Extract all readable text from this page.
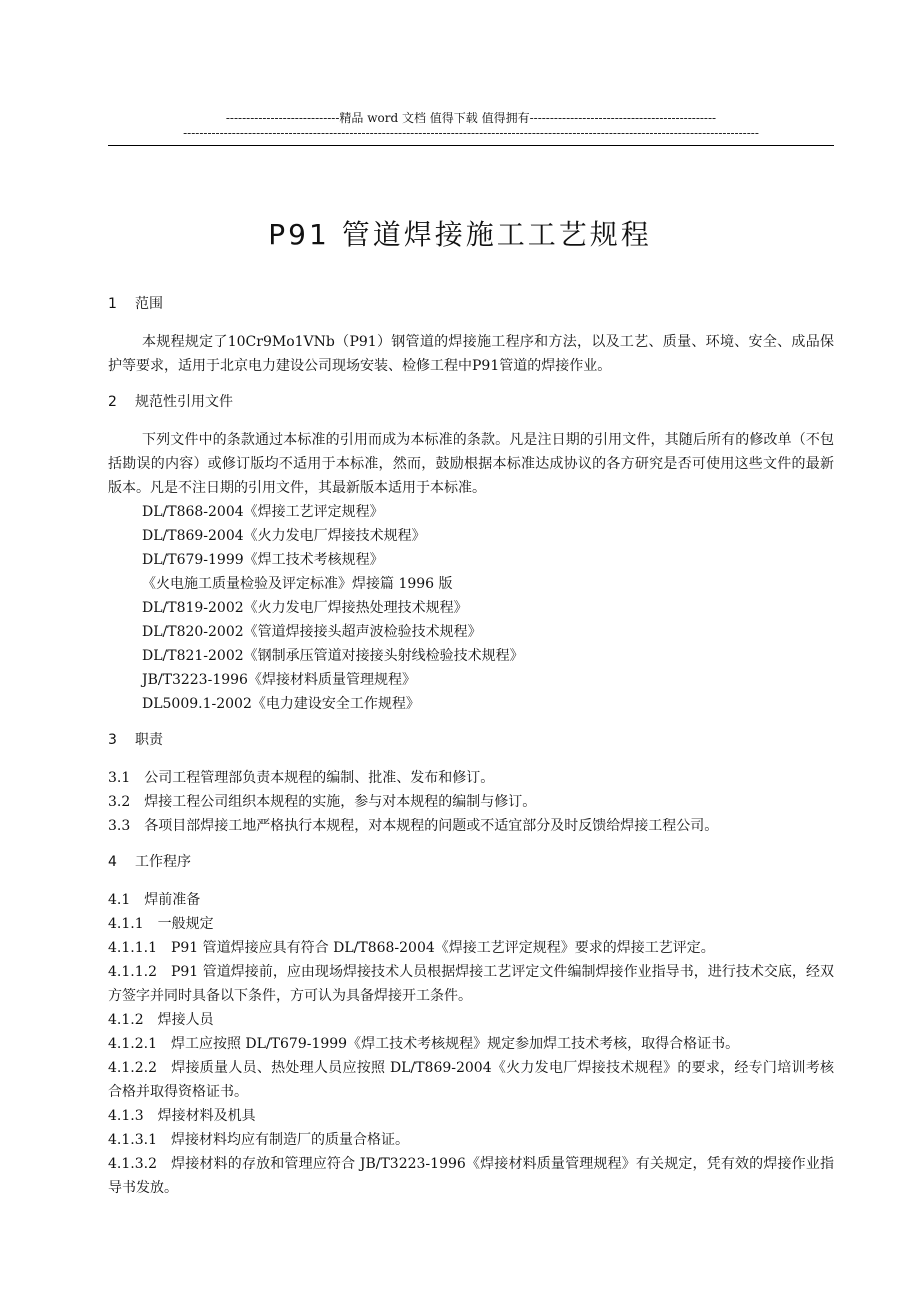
----------------------------精品 word 文档 值得下载 值得拥有----------------------------------------------
----------------------------------------------------------------------------------------------------------------------------------------------
P91 管道焊接施工工艺规程

1 范围

本规程规定了10Cr9Mo1VNb（P91）钢管道的焊接施工程序和方法，以及工艺、质量、环境、安全、成品保护等要求，适用于北京电力建设公司现场安装、检修工程中P91管道的焊接作业。

2 规范性引用文件

下列文件中的条款通过本标准的引用而成为本标准的条款。凡是注日期的引用文件，其随后所有的修改单（不包括勘误的内容）或修订版均不适用于本标准，然而，鼓励根据本标准达成协议的各方研究是否可使用这些文件的最新版本。凡是不注日期的引用文件，其最新版本适用于本标准。

DL/T868-2004《焊接工艺评定规程》

DL/T869-2004《火力发电厂焊接技术规程》

DL/T679-1999《焊工技术考核规程》

《火电施工质量检验及评定标准》焊接篇 1996 版

DL/T819-2002《火力发电厂焊接热处理技术规程》

DL/T820-2002《管道焊接接头超声波检验技术规程》

DL/T821-2002《钢制承压管道对接接头射线检验技术规程》

JB/T3223-1996《焊接材料质量管理规程》

DL5009.1-2002《电力建设安全工作规程》

3 职责

3.1 公司工程管理部负责本规程的编制、批准、发布和修订。

3.2 焊接工程公司组织本规程的实施，参与对本规程的编制与修订。

3.3 各项目部焊接工地严格执行本规程，对本规程的问题或不适宜部分及时反馈给焊接工程公司。

4 工作程序

4.1 焊前准备

4.1.1 一般规定

4.1.1.1 P91 管道焊接应具有符合 DL/T868-2004《焊接工艺评定规程》要求的焊接工艺评定。

4.1.1.2 P91 管道焊接前，应由现场焊接技术人员根据焊接工艺评定文件编制焊接作业指导书，进行技术交底，经双方签字并同时具备以下条件，方可认为具备焊接开工条件。

4.1.2 焊接人员

4.1.2.1 焊工应按照 DL/T679-1999《焊工技术考核规程》规定参加焊工技术考核，取得合格证书。

4.1.2.2 焊接质量人员、热处理人员应按照 DL/T869-2004《火力发电厂焊接技术规程》的要求，经专门培训考核合格并取得资格证书。

4.1.3 焊接材料及机具

4.1.3.1 焊接材料均应有制造厂的质量合格证。

4.1.3.2 焊接材料的存放和管理应符合 JB/T3223-1996《焊接材料质量管理规程》有关规定，凭有效的焊接作业指导书发放。
